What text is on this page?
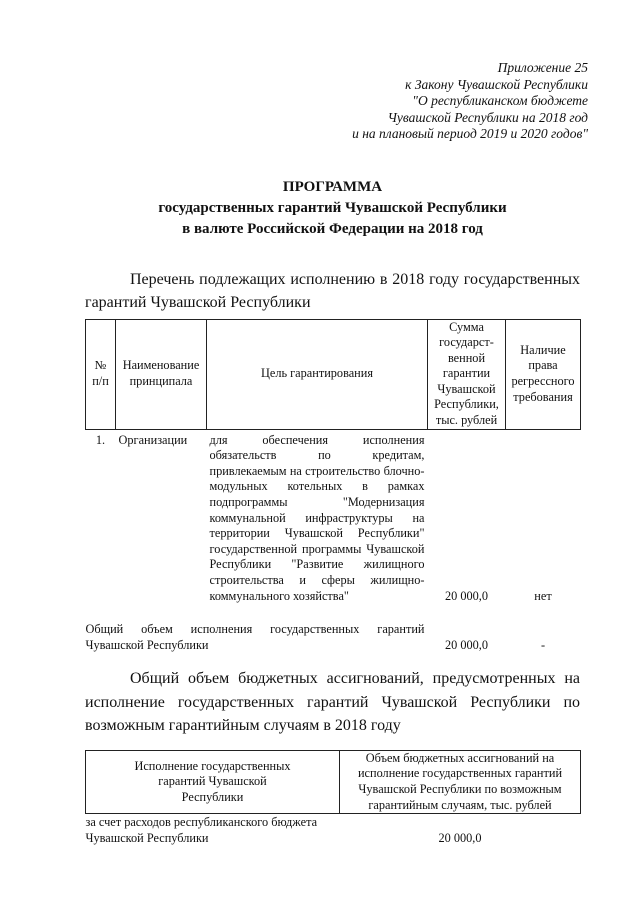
Приложение 25
к Закону Чувашской Республики
"О республиканском бюджете
Чувашской Республики на 2018 год
и на плановый период 2019 и 2020 годов"
ПРОГРАММА
государственных гарантий Чувашской Республики
в валюте Российской Федерации на 2018 год
Перечень подлежащих исполнению в 2018 году государственных гарантий Чувашской Республики
№ п/п	Наименование принципала	Цель гарантирования	Сумма государст-венной гарантии Чувашской Республики, тыс. рублей	Наличие права регрессного требования
1.	Организации	для обеспечения исполнения обязательств по кредитам, привлекаемым на строительство блочно-модульных котельных в рамках подпрограммы "Модернизация коммунальной инфраструктуры на территории Чувашской Республики" государственной программы Чувашской Республики "Развитие жилищного строительства и сферы жилищно-коммунального хозяйства"	20 000,0	нет
Общий объем исполнения государственных гарантий Чувашской Республики			20 000,0	-
Общий объем бюджетных ассигнований, предусмотренных на исполнение государственных гарантий Чувашской Республики по возможным гарантийным случаям в 2018 году
Исполнение государственных гарантий Чувашской Республики	Объем бюджетных ассигнований на исполнение государственных гарантий Чувашской Республики по возможным гарантийным случаям, тыс. рублей
за счет расходов республиканского бюджета Чувашской Республики	20 000,0
